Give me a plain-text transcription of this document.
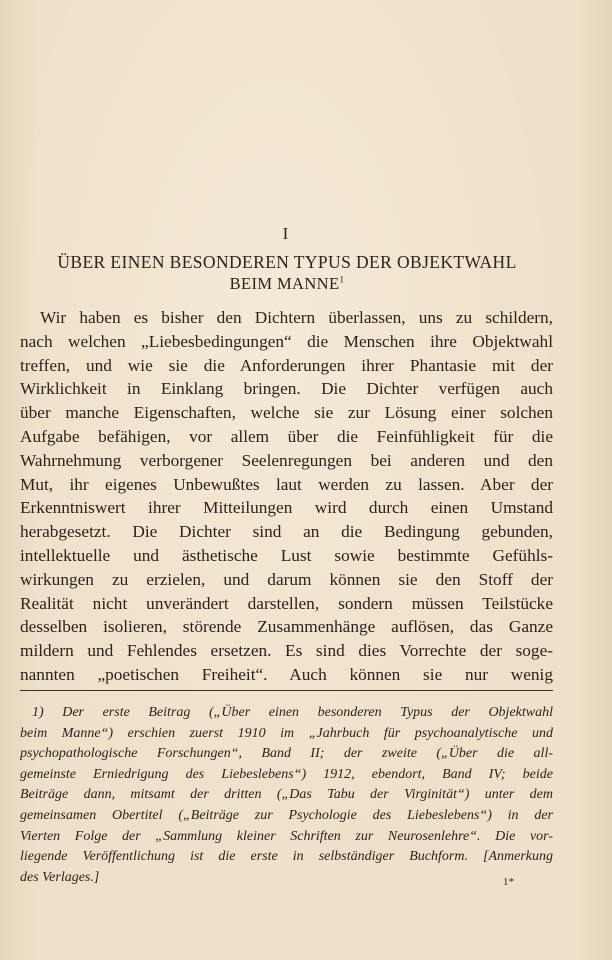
I
ÜBER EINEN BESONDEREN TYPUS DER OBJEKTWAHL
BEIM MANNE$^1$
Wir haben es bisher den Dichtern überlassen, uns zu schildern,
nach welchen „Liebesbedingungen“ die Menschen ihre Objektwahl
treffen, und wie sie die Anforderungen ihrer Phantasie mit der
Wirklichkeit in Einklang bringen. Die Dichter verfügen auch
über manche Eigenschaften, welche sie zur Lösung einer solchen
Aufgabe befähigen, vor allem über die Feinfühligkeit für die
Wahrnehmung verborgener Seelenregungen bei anderen und den
Mut, ihr eigenes Unbewußtes laut werden zu lassen. Aber der
Erkenntniswert ihrer Mitteilungen wird durch einen Umstand
herabgesetzt. Die Dichter sind an die Bedingung gebunden,
intellektuelle und ästhetische Lust sowie bestimmte Gefühls-
wirkungen zu erzielen, und darum können sie den Stoff der
Realität nicht unverändert darstellen, sondern müssen Teilstücke
desselben isolieren, störende Zusammenhänge auflösen, das Ganze
mildern und Fehlendes ersetzen. Es sind dies Vorrechte der soge-
nannten „poetischen Freiheit“. Auch können sie nur wenig
1) Der erste Beitrag („Über einen besonderen Typus der Objektwahl
beim Manne“) erschien zuerst 1910 im „Jahrbuch für psychoanalytische und
psychopathologische Forschungen“, Band II; der zweite („Über die all-
gemeinste Erniedrigung des Liebeslebens“) 1912, ebendort, Band IV; beide
Beiträge dann, mitsamt der dritten („Das Tabu der Virginität“) unter dem
gemeinsamen Obertitel („Beiträge zur Psychologie des Liebeslebens“) in der
Vierten Folge der „Sammlung kleiner Schriften zur Neurosenlehre“. Die vor-
liegende Veröffentlichung ist die erste in selbständiger Buchform. [Anmerkung
des Verlages.]	1*
